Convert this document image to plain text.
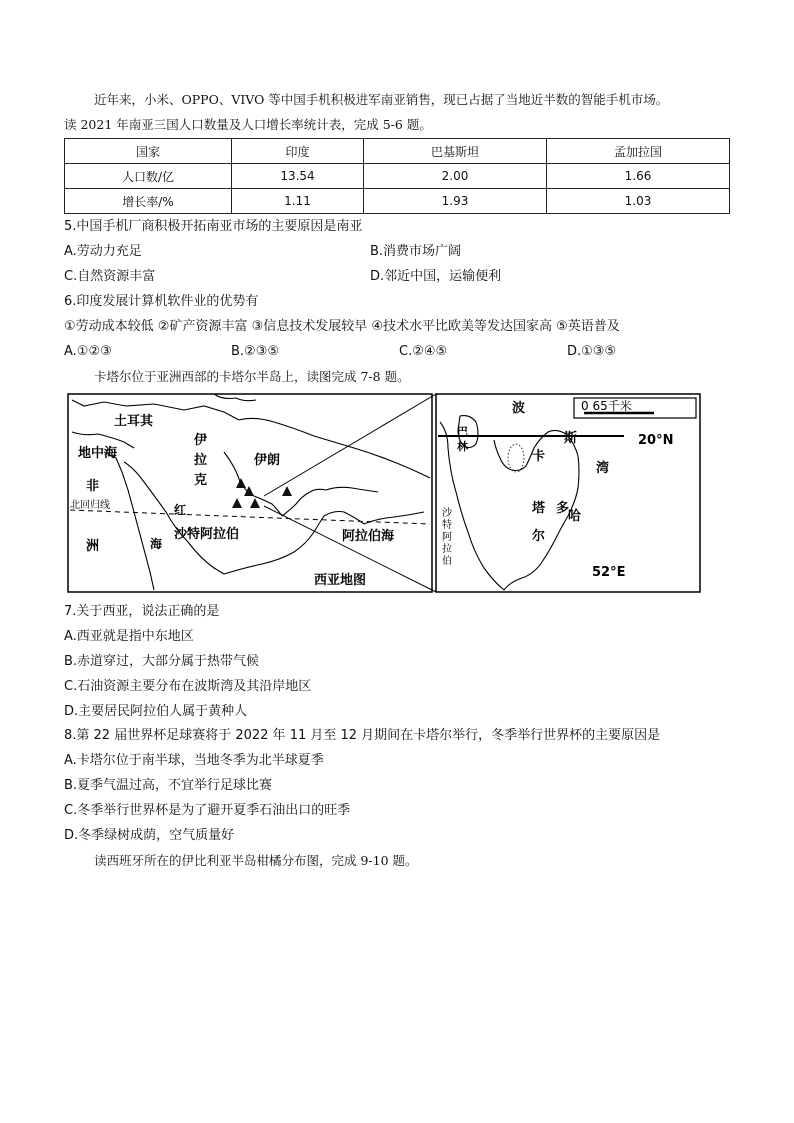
近年来，小米、OPPO、VIVO 等中国手机积极进军南亚销售，现已占据了当地近半数的智能手机市场。
读 2021 年南亚三国人口数量及人口增长率统计表，完成 5-6 题。
国家	印度	巴基斯坦	孟加拉国
人口数/亿	13.54	2.00	1.66
增长率/%	1.11	1.93	1.03
5.中国手机厂商积极开拓南亚市场的主要原因是南亚
A.劳动力充足	B.消费市场广阔
C.自然资源丰富	D.邻近中国，运输便利
6.印度发展计算机软件业的优势有
①劳动成本较低 ②矿产资源丰富 ③信息技术发展较早 ④技术水平比欧美等发达国家高 ⑤英语普及
A.①②③	B.②③⑤	C.②④⑤	D.①③⑤
卡塔尔位于亚洲西部的卡塔尔半岛上，读图完成 7-8 题。
土耳其
地中海
伊
拉
克
伊朗
非
洲
红
海
沙特阿拉伯	阿拉伯海
西亚地图
北回归线
波
斯
湾
巴
林
卡
塔
尔
多
哈
52°E
20°N
0 65千米
沙
特
阿
拉
伯
7.关于西亚，说法正确的是
A.西亚就是指中东地区
B.赤道穿过，大部分属于热带气候
C.石油资源主要分布在波斯湾及其沿岸地区
D.主要居民阿拉伯人属于黄种人
8.第 22 届世界杯足球赛将于 2022 年 11 月至 12 月期间在卡塔尔举行，冬季举行世界杯的主要原因是
A.卡塔尔位于南半球，当地冬季为北半球夏季
B.夏季气温过高，不宜举行足球比赛
C.冬季举行世界杯是为了避开夏季石油出口的旺季
D.冬季绿树成荫，空气质量好
读西班牙所在的伊比利亚半岛柑橘分布图，完成 9-10 题。
